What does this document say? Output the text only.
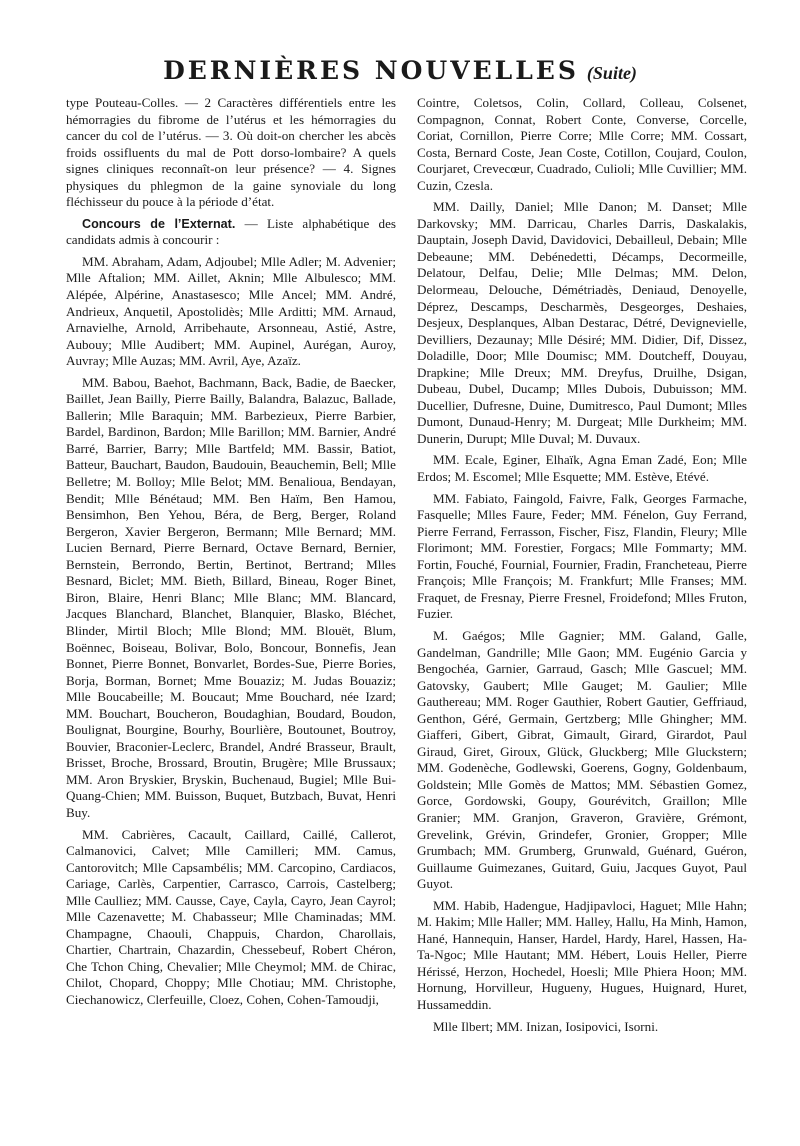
DERNIÈRES NOUVELLES (Suite)

type Pouteau-Colles. — 2 Caractères différentiels entre les hémorragies du fibrome de l’utérus et les hémorragies du cancer du col de l’utérus. — 3. Où doit-on chercher les abcès froids ossifluents du mal de Pott dorso-lombaire? A quels signes cliniques reconnaît-on leur présence? — 4. Signes physiques du phlegmon de la gaine synoviale du long fléchisseur du pouce à la période d’état.

Concours de l’Externat. — Liste alphabétique des candidats admis à concourir :

MM. Abraham, Adam, Adjoubel; Mlle Adler; M. Advenier; Mlle Aftalion; MM. Aillet, Aknin; Mlle Albulesco; MM. Alépée, Alpérine, Anastasesco; Mlle Ancel; MM. André, Andrieux, Anquetil, Apostolidès; Mlle Arditti; MM. Arnaud, Arnavielhe, Arnold, Arribehaute, Arsonneau, Astié, Astre, Aubouy; Mlle Audibert; MM. Aupinel, Aurégan, Auroy, Auvray; Mlle Auzas; MM. Avril, Aye, Azaïz.

MM. Babou, Baehot, Bachmann, Back, Badie, de Baecker, Baillet, Jean Bailly, Pierre Bailly, Balandra, Balazuc, Ballade, Ballerin; Mlle Baraquin; MM. Barbezieux, Pierre Barbier, Bardel, Bardinon, Bardon; Mlle Barillon; MM. Barnier, André Barré, Barrier, Barry; Mlle Bartfeld; MM. Bassir, Batiot, Batteur, Bauchart, Baudon, Baudouin, Beauchemin, Bell; Mlle Belletre; M. Bolloy; Mlle Belot; MM. Benalioua, Bendayan, Bendit; Mlle Bénétaud; MM. Ben Haïm, Ben Hamou, Bensimhon, Ben Yehou, Béra, de Berg, Berger, Roland Bergeron, Xavier Bergeron, Bermann; Mlle Bernard; MM. Lucien Bernard, Pierre Bernard, Octave Bernard, Bernier, Bernstein, Berrondo, Bertin, Bertinot, Bertrand; Mlles Besnard, Biclet; MM. Bieth, Billard, Bineau, Roger Binet, Biron, Blaire, Henri Blanc; Mlle Blanc; MM. Blancard, Jacques Blanchard, Blanchet, Blanquier, Blasko, Bléchet, Blinder, Mirtil Bloch; Mlle Blond; MM. Blouët, Blum, Boënnec, Boiseau, Bolivar, Bolo, Boncour, Bonnefis, Jean Bonnet, Pierre Bonnet, Bonvarlet, Bordes-Sue, Pierre Bories, Borja, Borman, Bornet; Mme Bouaziz; M. Judas Bouaziz; Mlle Boucabeille; M. Boucaut; Mme Bouchard, née Izard; MM. Bouchart, Boucheron, Boudaghian, Boudard, Boudon, Boulignat, Bourgine, Bourhy, Bourlière, Boutounet, Boutroy, Bouvier, Braconier-Leclerc, Brandel, André Brasseur, Brault, Brisset, Broche, Brossard, Broutin, Brugère; Mlle Brussaux; MM. Aron Bryskier, Bryskin, Buchenaud, Bugiel; Mlle Bui-Quang-Chien; MM. Buisson, Buquet, Butzbach, Buvat, Henri Buy.

MM. Cabrières, Cacault, Caillard, Caillé, Callerot, Calmanovici, Calvet; Mlle Camilleri; MM. Camus, Cantorovitch; Mlle Capsambélis; MM. Carcopino, Cardiacos, Cariage, Carlès, Carpentier, Carrasco, Carrois, Castelberg; Mlle Caulliez; MM. Causse, Caye, Cayla, Cayro, Jean Cayrol; Mlle Cazenavette; M. Chabasseur; Mlle Chaminadas; MM. Champagne, Chaouli, Chappuis, Chardon, Charollais, Chartier, Chartrain, Chazardin, Chessebeuf, Robert Chéron, Che Tchon Ching, Chevalier; Mlle Cheymol; MM. de Chirac, Chilot, Chopard, Choppy; Mlle Chotiau; MM. Christophe, Ciechanowicz, Clerfeuille, Cloez, Cohen, Cohen-Tamoudji,

Cointre, Coletsos, Colin, Collard, Colleau, Colsenet, Compagnon, Connat, Robert Conte, Converse, Corcelle, Coriat, Cornillon, Pierre Corre; Mlle Corre; MM. Cossart, Costa, Bernard Coste, Jean Coste, Cotillon, Coujard, Coulon, Courjaret, Crevecœur, Cuadrado, Culioli; Mlle Cuvillier; MM. Cuzin, Czesla.

MM. Dailly, Daniel; Mlle Danon; M. Danset; Mlle Darkovsky; MM. Darricau, Charles Darris, Daskalakis, Dauptain, Joseph David, Davidovici, Debailleul, Debain; Mlle Debeaune; MM. Debénedetti, Décamps, Decormeille, Delatour, Delfau, Delie; Mlle Delmas; MM. Delon, Delormeau, Delouche, Démétriadès, Deniaud, Denoyelle, Déprez, Descamps, Descharmès, Desgeorges, Deshaies, Desjeux, Desplanques, Alban Destarac, Détré, Devignevielle, Devilliers, Dezaunay; Mlle Désiré; MM. Didier, Dif, Dissez, Doladille, Door; Mlle Doumisc; MM. Doutcheff, Douyau, Drapkine; Mlle Dreux; MM. Dreyfus, Druilhe, Dsigan, Dubeau, Dubel, Ducamp; Mlles Dubois, Dubuisson; MM. Ducellier, Dufresne, Duine, Dumitresco, Paul Dumont; Mlles Dumont, Dunaud-Henry; M. Durgeat; Mlle Durkheim; MM. Dunerin, Durupt; Mlle Duval; M. Duvaux.

MM. Ecale, Eginer, Elhaïk, Agna Eman Zadé, Eon; Mlle Erdos; M. Escomel; Mlle Esquette; MM. Estève, Etévé.

MM. Fabiato, Faingold, Faivre, Falk, Georges Farmache, Fasquelle; Mlles Faure, Feder; MM. Fénelon, Guy Ferrand, Pierre Ferrand, Ferrasson, Fischer, Fisz, Flandin, Fleury; Mlle Florimont; MM. Forestier, Forgacs; Mlle Fommarty; MM. Fortin, Fouché, Fournial, Fournier, Fradin, Francheteau, Pierre François; Mlle François; M. Frankfurt; Mlle Franses; MM. Fraquet, de Fresnay, Pierre Fresnel, Froidefond; Mlles Fruton, Fuzier.

M. Gaégos; Mlle Gagnier; MM. Galand, Galle, Gandelman, Gandrille; Mlle Gaon; MM. Eugénio Garcia y Bengochéa, Garnier, Garraud, Gasch; Mlle Gascuel; MM. Gatovsky, Gaubert; Mlle Gauget; M. Gaulier; Mlle Gauthereau; MM. Roger Gauthier, Robert Gautier, Geffriaud, Genthon, Géré, Germain, Gertzberg; Mlle Ghingher; MM. Giafferi, Gibert, Gibrat, Gimault, Girard, Girardot, Paul Giraud, Giret, Giroux, Glück, Gluckberg; Mlle Gluckstern; MM. Godenèche, Godlewski, Goerens, Gogny, Goldenbaum, Goldstein; Mlle Gomès de Mattos; MM. Sébastien Gomez, Gorce, Gordowski, Goupy, Gourévitch, Graillon; Mlle Granier; MM. Granjon, Graveron, Gravière, Grémont, Grevelink, Grévin, Grindefer, Gronier, Gropper; Mlle Grumbach; MM. Grumberg, Grunwald, Guénard, Guéron, Guillaume Guimezanes, Guitard, Guiu, Jacques Guyot, Paul Guyot.

MM. Habib, Hadengue, Hadjipavloci, Haguet; Mlle Hahn; M. Hakim; Mlle Haller; MM. Halley, Hallu, Ha Minh, Hamon, Hané, Hannequin, Hanser, Hardel, Hardy, Harel, Hassen, Ha-Ta-Ngoc; Mlle Hautant; MM. Hébert, Louis Heller, Pierre Hérissé, Herzon, Hochedel, Hoesli; Mlle Phiera Hoon; MM. Hornung, Horvilleur, Hugueny, Hugues, Huignard, Huret, Hussameddin.

Mlle Ilbert; MM. Inizan, Iosipovici, Isorni.
